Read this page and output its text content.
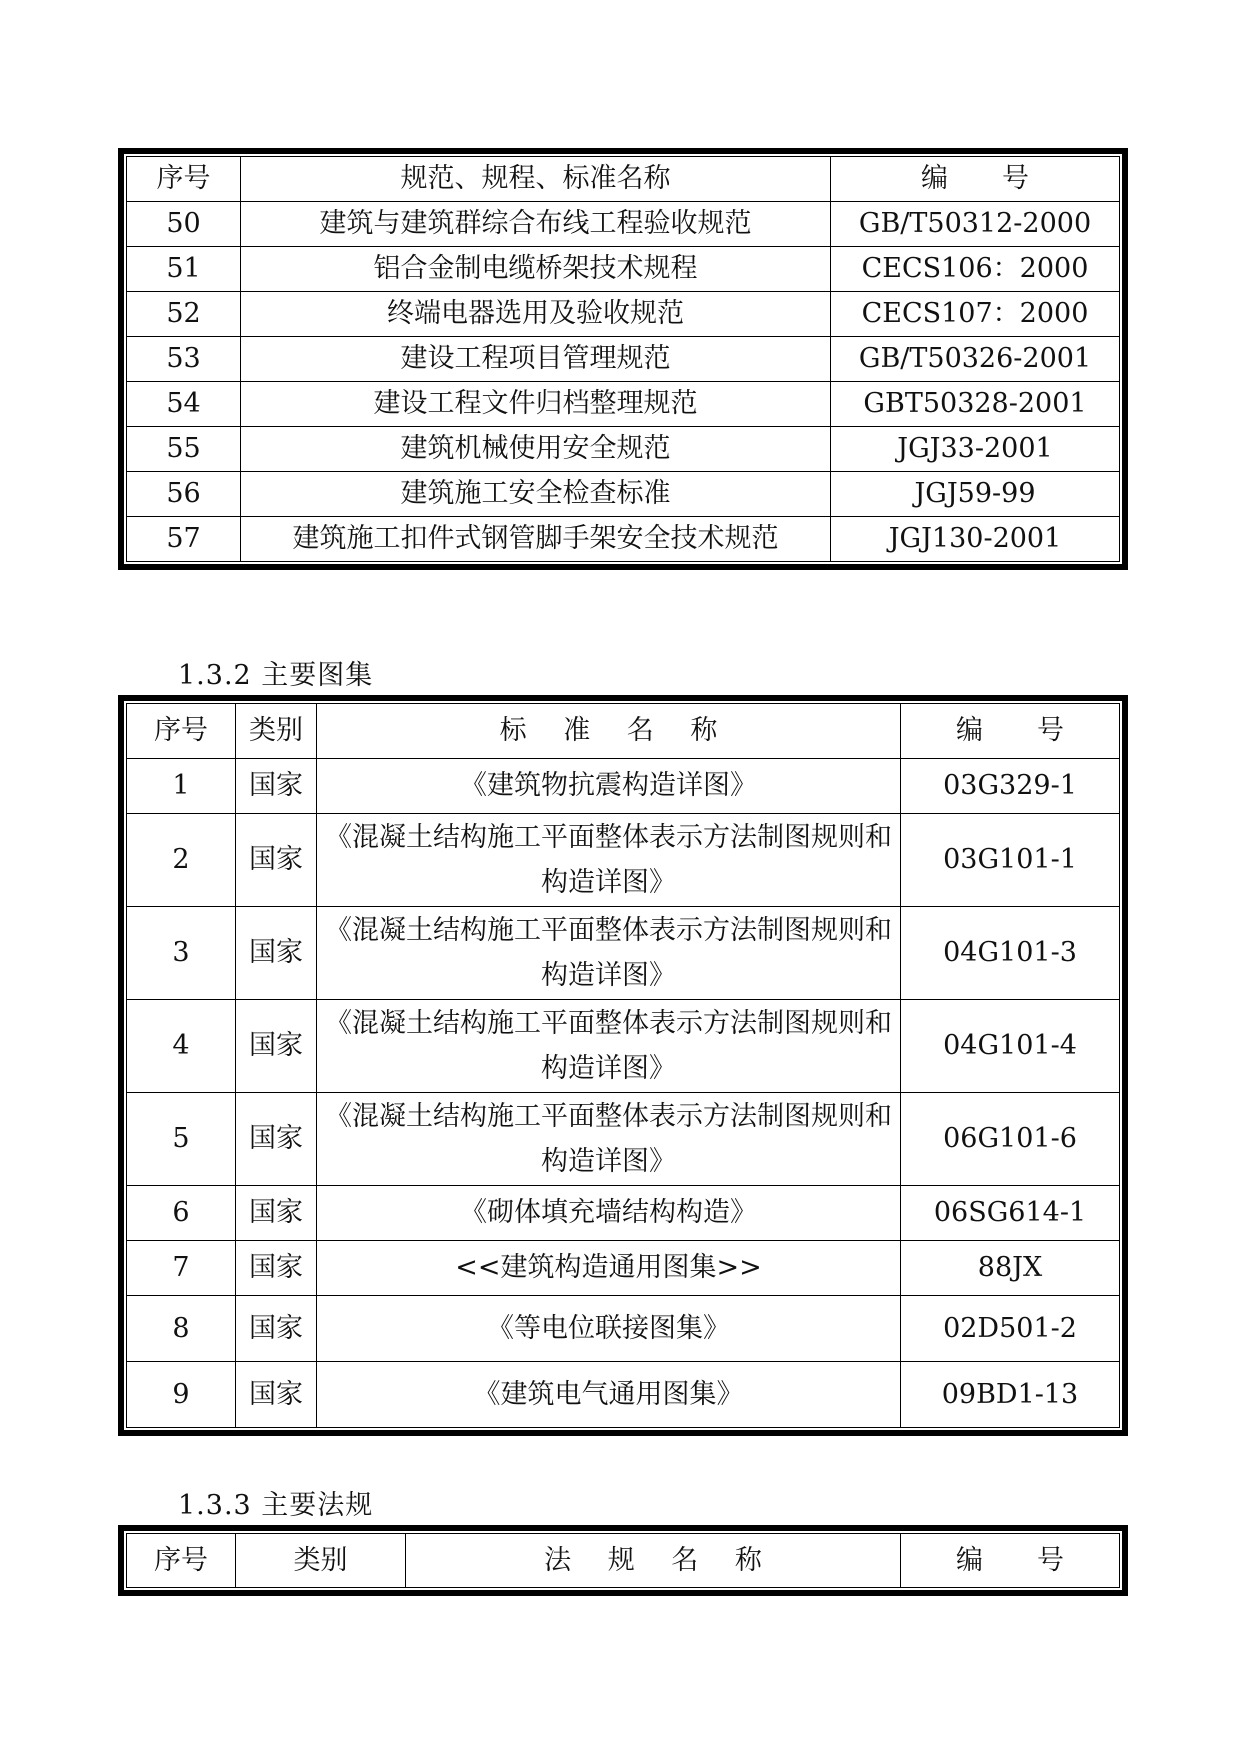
序号	规范、规程、标准名称	编　　号
50	建筑与建筑群综合布线工程验收规范	GB/T50312-2000
51	铝合金制电缆桥架技术规程	CECS106：2000
52	终端电器选用及验收规范	CECS107：2000
53	建设工程项目管理规范	GB/T50326-2001
54	建设工程文件归档整理规范	GBT50328-2001
55	建筑机械使用安全规范	JGJ33-2001
56	建筑施工安全检查标准	JGJ59-99
57	建筑施工扣件式钢管脚手架安全技术规范	JGJ130-2001
1.3.2 主要图集
序号	类别	标 准 名 称	编　　号
1	国家	《建筑物抗震构造详图》	03G329-1
2	国家	《混凝土结构施工平面整体表示方法制图规则和构造详图》	03G101-1
3	国家	《混凝土结构施工平面整体表示方法制图规则和构造详图》	04G101-3
4	国家	《混凝土结构施工平面整体表示方法制图规则和构造详图》	04G101-4
5	国家	《混凝土结构施工平面整体表示方法制图规则和构造详图》	06G101-6
6	国家	《砌体填充墙结构构造》	06SG614-1
7	国家	<<建筑构造通用图集>>	88JX
8	国家	《等电位联接图集》	02D501-2
9	国家	《建筑电气通用图集》	09BD1-13
1.3.3 主要法规
序号	类别	法 规 名 称	编　　号
